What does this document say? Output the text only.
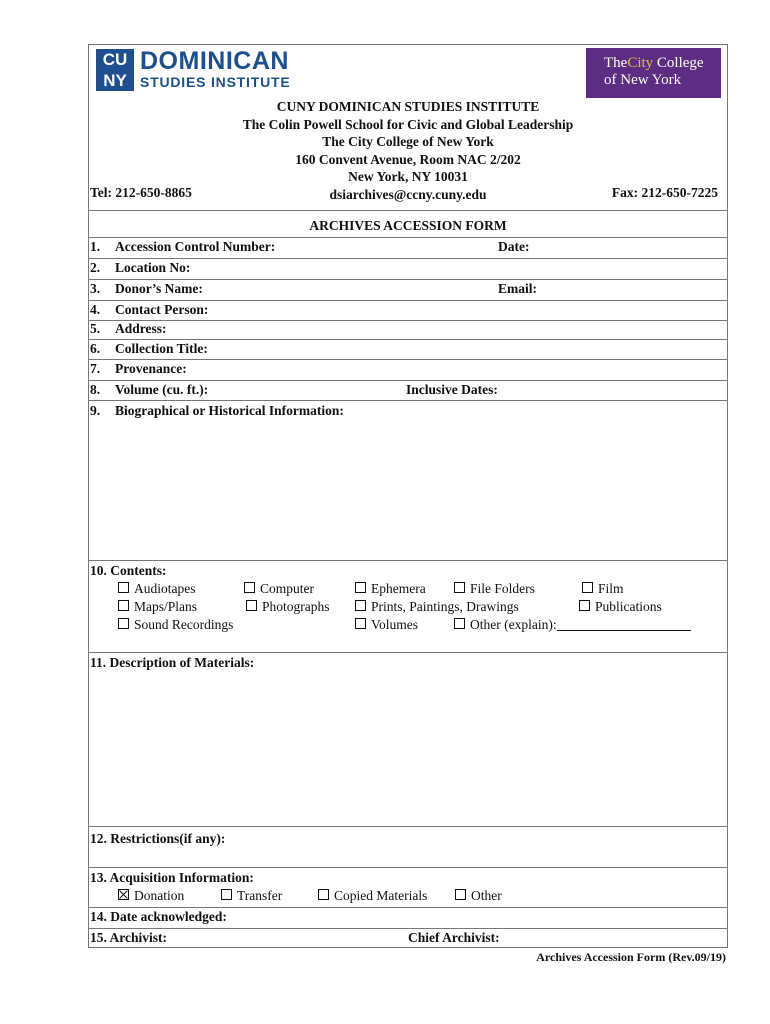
CU
NY
DOMINICAN
STUDIES INSTITUTE
TheCity College
of New York
CUNY DOMINICAN STUDIES INSTITUTE
The Colin Powell School for Civic and Global Leadership
The City College of New York
160 Convent Avenue, Room NAC 2/202
New York, NY 10031
dsiarchives@ccny.cuny.edu
Tel: 212-650-8865	Fax: 212-650-7225
ARCHIVES ACCESSION FORM
1. Accession Control Number:	Date:
2. Location No:
3. Donor’s Name:	Email:
4. Contact Person:
5. Address:
6. Collection Title:
7. Provenance:
8. Volume (cu. ft.):	Inclusive Dates:
9. Biographical or Historical Information:
10. Contents:
Audiotapes	Computer	Ephemera	File Folders	Film
Maps/Plans	Photographs	Prints, Paintings, Drawings	Publications
Sound Recordings	Volumes	Other (explain):
11. Description of Materials:
12. Restrictions(if any):
13. Acquisition Information:
Donation	Transfer	Copied Materials	Other
14. Date acknowledged:
15. Archivist:	Chief Archivist:
Archives Accession Form (Rev.09/19)
